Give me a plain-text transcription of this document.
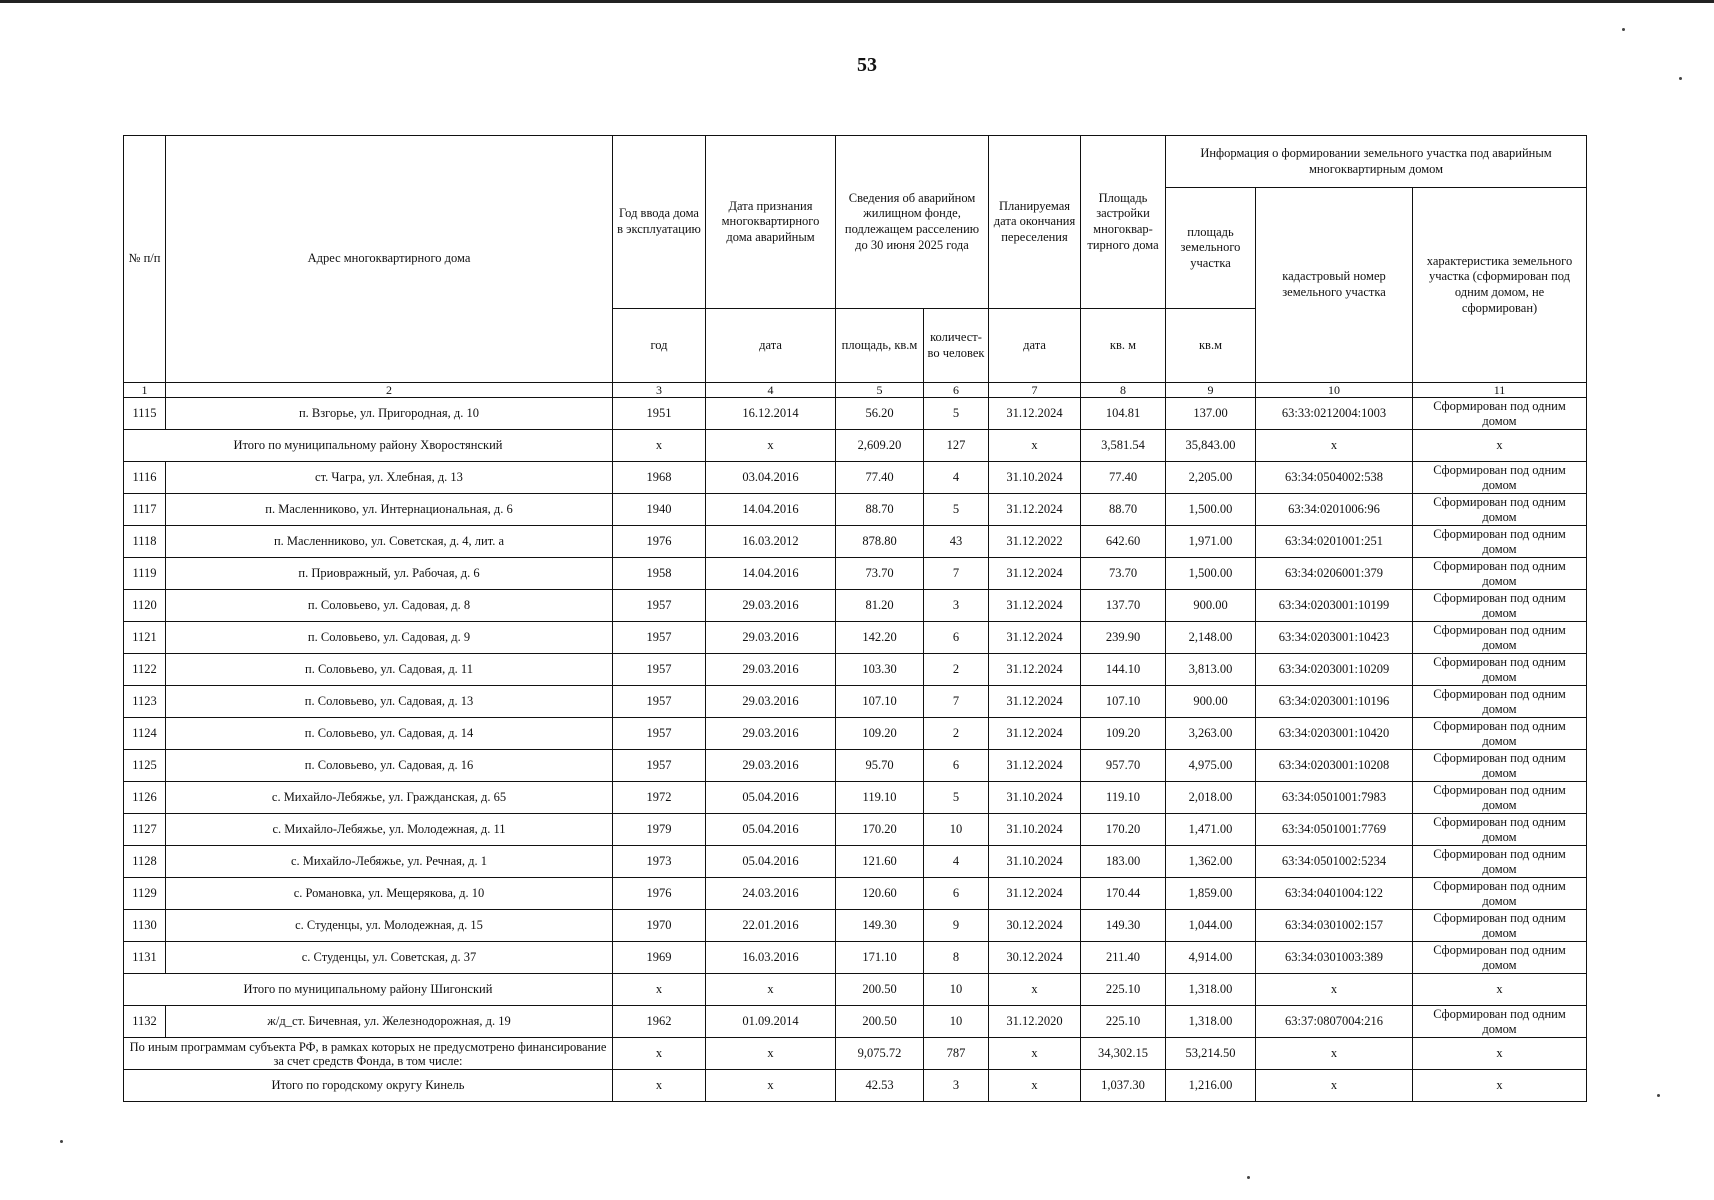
53
№ п/п	Адрес многоквартирного дома	Год ввода дома в эксплуатацию	Дата признания многоквартирного дома аварийным	Сведения об аварийном жилищном фонде, подлежащем расселению до 30 июня 2025 года		Планируемая дата окончания переселения	Площадь застройки многоквар-тирного дома	Информация о формировании земельного участка под аварийным многоквартирным домом		
								площадь земельного участка	кадастровый номер земельного участка	характеристика земельного участка (сформирован под одним домом, не сформирован)
		год	дата	площадь, кв.м	количест-во человек	дата	кв. м	кв.м		
1	2	3	4	5	6	7	8	9	10	11
1115	п. Взгорье, ул. Пригородная, д. 10	1951	16.12.2014	56.20	5	31.12.2024	104.81	137.00	63:33:0212004:1003	Сформирован под одним
домом

Итого по муниципальному району Хворостянский		x	x	2,609.20	127	x	3,581.54	35,843.00	x	x

1116	ст. Чагра, ул. Хлебная, д. 13	1968	03.04.2016	77.40	4	31.10.2024	77.40	2,205.00	63:34:0504002:538	Сформирован под одним
домом

1117	п. Масленниково, ул. Интернациональная, д. 6	1940	14.04.2016	88.70	5	31.12.2024	88.70	1,500.00	63:34:0201006:96	Сформирован под одним
домом

1118	п. Масленниково, ул. Советская, д. 4, лит. а	1976	16.03.2012	878.80	43	31.12.2022	642.60	1,971.00	63:34:0201001:251	Сформирован под одним
домом

1119	п. Приовражный, ул. Рабочая, д. 6	1958	14.04.2016	73.70	7	31.12.2024	73.70	1,500.00	63:34:0206001:379	Сформирован под одним
домом

1120	п. Соловьево, ул. Садовая, д. 8	1957	29.03.2016	81.20	3	31.12.2024	137.70	900.00	63:34:0203001:10199	Сформирован под одним
домом

1121	п. Соловьево, ул. Садовая, д. 9	1957	29.03.2016	142.20	6	31.12.2024	239.90	2,148.00	63:34:0203001:10423	Сформирован под одним
домом

1122	п. Соловьево, ул. Садовая, д. 11	1957	29.03.2016	103.30	2	31.12.2024	144.10	3,813.00	63:34:0203001:10209	Сформирован под одним
домом

1123	п. Соловьево, ул. Садовая, д. 13	1957	29.03.2016	107.10	7	31.12.2024	107.10	900.00	63:34:0203001:10196	Сформирован под одним
домом

1124	п. Соловьево, ул. Садовая, д. 14	1957	29.03.2016	109.20	2	31.12.2024	109.20	3,263.00	63:34:0203001:10420	Сформирован под одним
домом

1125	п. Соловьево, ул. Садовая, д. 16	1957	29.03.2016	95.70	6	31.12.2024	957.70	4,975.00	63:34:0203001:10208	Сформирован под одним
домом

1126	с. Михайло-Лебяжье, ул. Гражданская, д. 65	1972	05.04.2016	119.10	5	31.10.2024	119.10	2,018.00	63:34:0501001:7983	Сформирован под одним
домом

1127	с. Михайло-Лебяжье, ул. Молодежная, д. 11	1979	05.04.2016	170.20	10	31.10.2024	170.20	1,471.00	63:34:0501001:7769	Сформирован под одним
домом

1128	с. Михайло-Лебяжье, ул. Речная, д. 1	1973	05.04.2016	121.60	4	31.10.2024	183.00	1,362.00	63:34:0501002:5234	Сформирован под одним
домом

1129	с. Романовка, ул. Мещерякова, д. 10	1976	24.03.2016	120.60	6	31.12.2024	170.44	1,859.00	63:34:0401004:122	Сформирован под одним
домом

1130	с. Студенцы, ул. Молодежная, д. 15	1970	22.01.2016	149.30	9	30.12.2024	149.30	1,044.00	63:34:0301002:157	Сформирован под одним
домом

1131	с. Студенцы, ул. Советская, д. 37	1969	16.03.2016	171.10	8	30.12.2024	211.40	4,914.00	63:34:0301003:389	Сформирован под одним
домом

Итого по муниципальному району Шигонский		x	x	200.50	10	x	225.10	1,318.00	x	x

1132	ж/д_ст. Бичевная, ул. Железнодорожная, д. 19	1962	01.09.2014	200.50	10	31.12.2020	225.10	1,318.00	63:37:0807004:216	Сформирован под одним
домом

По иным программам субъекта РФ, в рамках которых не предусмотрено финансирование за счет средств Фонда, в том числе:		x	x	9,075.72	787	x	34,302.15	53,214.50	x	x

Итого по городскому округу Кинель		x	x	42.53	3	x	1,037.30	1,216.00	x	x
